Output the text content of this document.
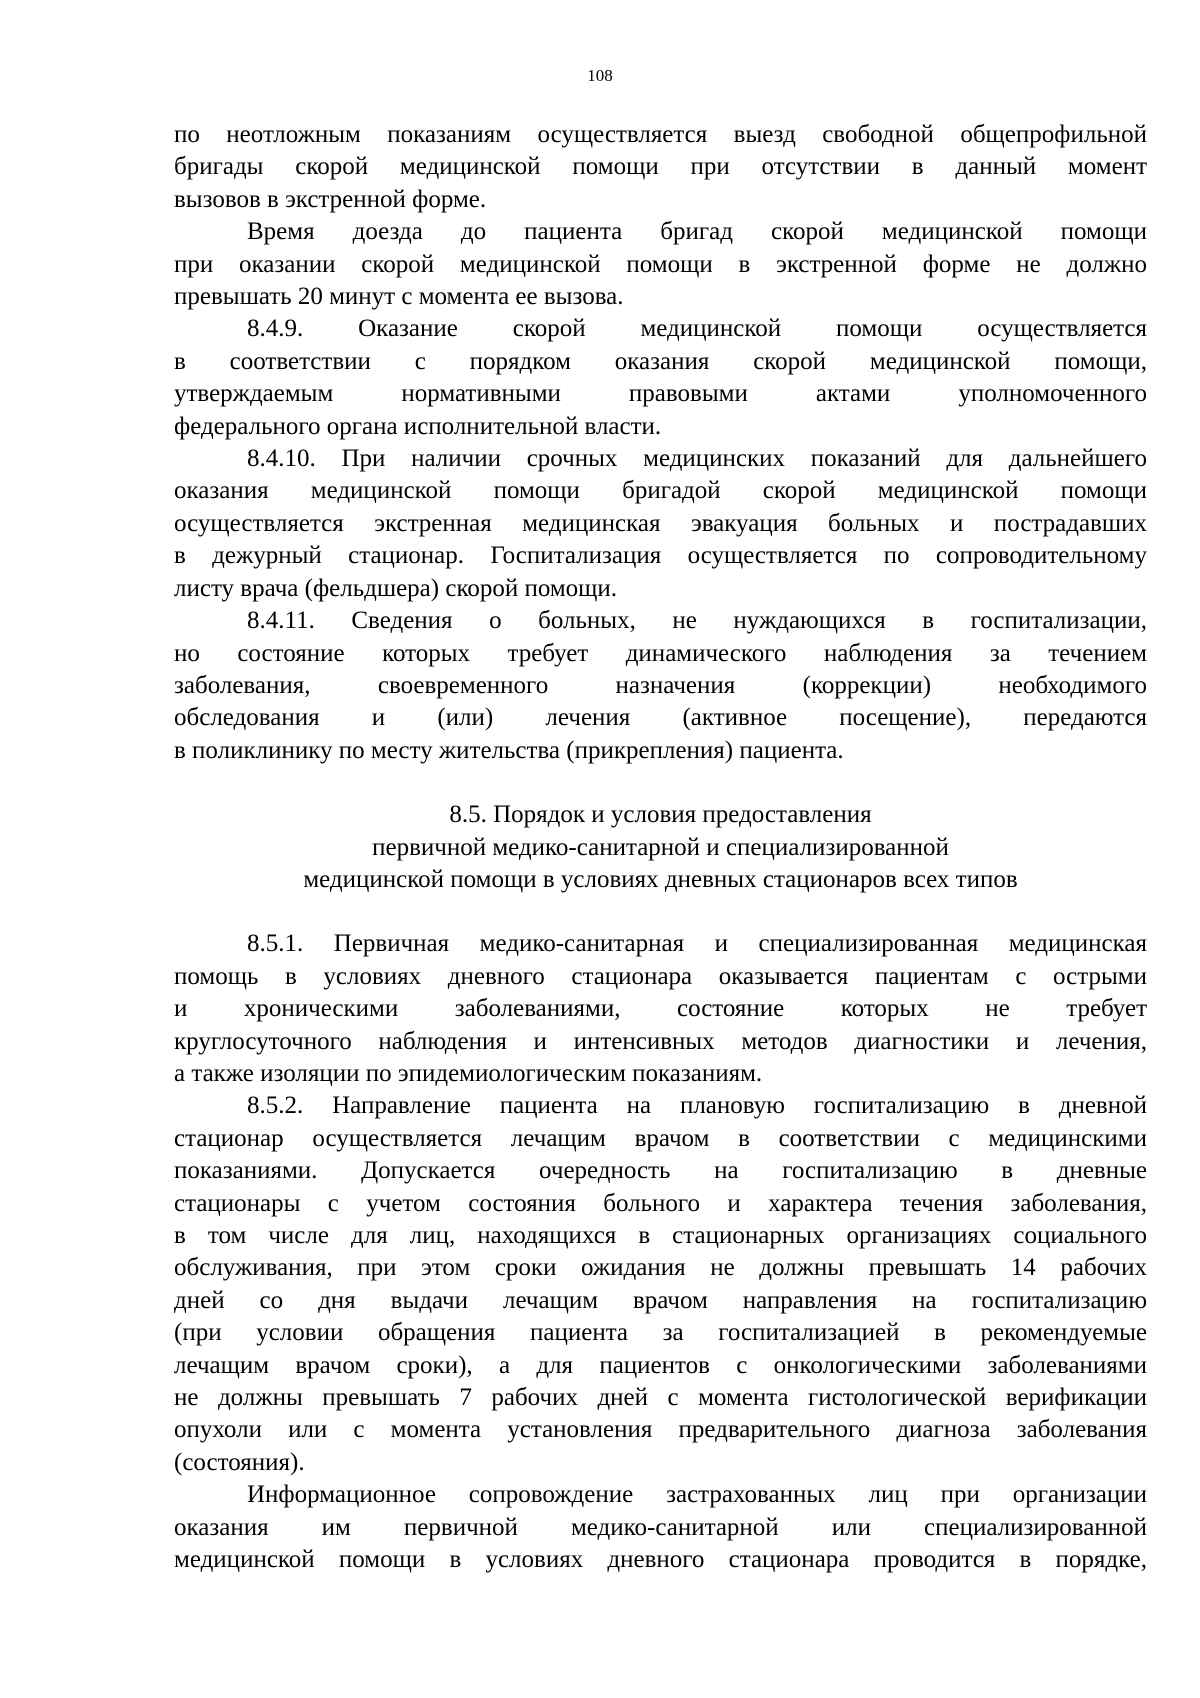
108
по неотложным показаниям осуществляется выезд свободной общепрофильной
бригады скорой медицинской помощи при отсутствии в данный момент
вызовов в экстренной форме.
Время доезда до пациента бригад скорой медицинской помощи
при оказании скорой медицинской помощи в экстренной форме не должно
превышать 20 минут с момента ее вызова.
8.4.9. Оказание скорой медицинской помощи осуществляется
в соответствии с порядком оказания скорой медицинской помощи,
утверждаемым нормативными правовыми актами уполномоченного
федерального органа исполнительной власти.
8.4.10. При наличии срочных медицинских показаний для дальнейшего
оказания медицинской помощи бригадой скорой медицинской помощи
осуществляется экстренная медицинская эвакуация больных и пострадавших
в дежурный стационар. Госпитализация осуществляется по сопроводительному
листу врача (фельдшера) скорой помощи.
8.4.11. Сведения о больных, не нуждающихся в госпитализации,
но состояние которых требует динамического наблюдения за течением
заболевания, своевременного назначения (коррекции) необходимого
обследования и (или) лечения (активное посещение), передаются
в поликлинику по месту жительства (прикрепления) пациента.
8.5. Порядок и условия предоставления
первичной медико-санитарной и специализированной
медицинской помощи в условиях дневных стационаров всех типов
8.5.1. Первичная медико-санитарная и специализированная медицинская
помощь в условиях дневного стационара оказывается пациентам с острыми
и хроническими заболеваниями, состояние которых не требует
круглосуточного наблюдения и интенсивных методов диагностики и лечения,
а также изоляции по эпидемиологическим показаниям.
8.5.2. Направление пациента на плановую госпитализацию в дневной
стационар осуществляется лечащим врачом в соответствии с медицинскими
показаниями. Допускается очередность на госпитализацию в дневные
стационары с учетом состояния больного и характера течения заболевания,
в том числе для лиц, находящихся в стационарных организациях социального
обслуживания, при этом сроки ожидания не должны превышать 14 рабочих
дней со дня выдачи лечащим врачом направления на госпитализацию
(при условии обращения пациента за госпитализацией в рекомендуемые
лечащим врачом сроки), а для пациентов с онкологическими заболеваниями
не должны превышать 7 рабочих дней с момента гистологической верификации
опухоли или с момента установления предварительного диагноза заболевания
(состояния).
Информационное сопровождение застрахованных лиц при организации
оказания им первичной медико-санитарной или специализированной
медицинской помощи в условиях дневного стационара проводится в порядке,
